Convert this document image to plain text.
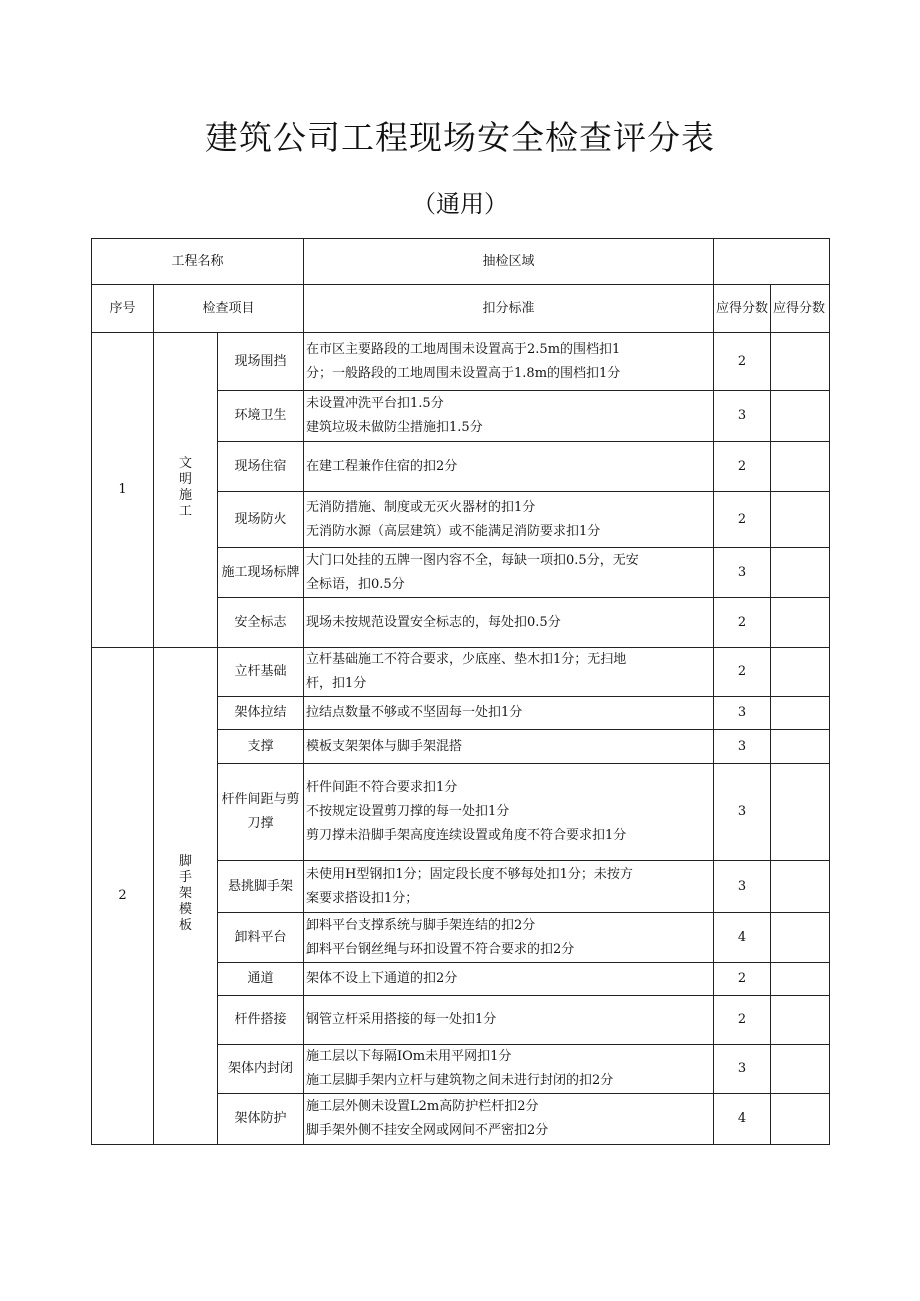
建筑公司工程现场安全检查评分表
（通用）
工程名称			抽检区域		
序号	检查项目		扣分标准	应得分数	应得分数
1	文明施工	现场围挡	在市区主要路段的工地周围未设置高于2.5m的围档扣1
分；一般路段的工地周围未设置高于1.8m的围档扣1分	2	
		环境卫生	未设置冲洗平台扣1.5分
建筑垃圾未做防尘措施扣1.5分	3	
		现场住宿	在建工程兼作住宿的扣2分	2	
		现场防火	无消防措施、制度或无灭火器材的扣1分
无消防水源（高层建筑）或不能满足消防要求扣1分	2	
		施工现场标牌	大门口处挂的五牌一图内容不全，每缺一项扣0.5分，无安
全标语，扣0.5分	3	
		安全标志	现场未按规范设置安全标志的，每处扣0.5分	2	
2	脚手架模板	立杆基础	立杆基础施工不符合要求，少底座、垫木扣1分；无扫地
杆，扣1分	2	
		架体拉结	拉结点数量不够或不坚固每一处扣1分	3	
		支撑	模板支架架体与脚手架混搭	3	
		杆件间距与剪刀撑	杆件间距不符合要求扣1分
不按规定设置剪刀撑的每一处扣1分
剪刀撑未沿脚手架高度连续设置或角度不符合要求扣1分	3	
		悬挑脚手架	未使用H型钢扣1分；固定段长度不够每处扣1分；未按方
案要求搭设扣1分；	3	
		卸料平台	卸料平台支撑系统与脚手架连结的扣2分
卸料平台钢丝绳与环扣设置不符合要求的扣2分	4	
		通道	架体不设上下通道的扣2分	2	
		杆件搭接	钢管立杆采用搭接的每一处扣1分	2	
		架体内封闭	施工层以下每隔IOm未用平网扣1分
施工层脚手架内立杆与建筑物之间未进行封闭的扣2分	3	
		架体防护	施工层外侧未设置L2m高防护栏杆扣2分
脚手架外侧不挂安全网或网间不严密扣2分	4	
